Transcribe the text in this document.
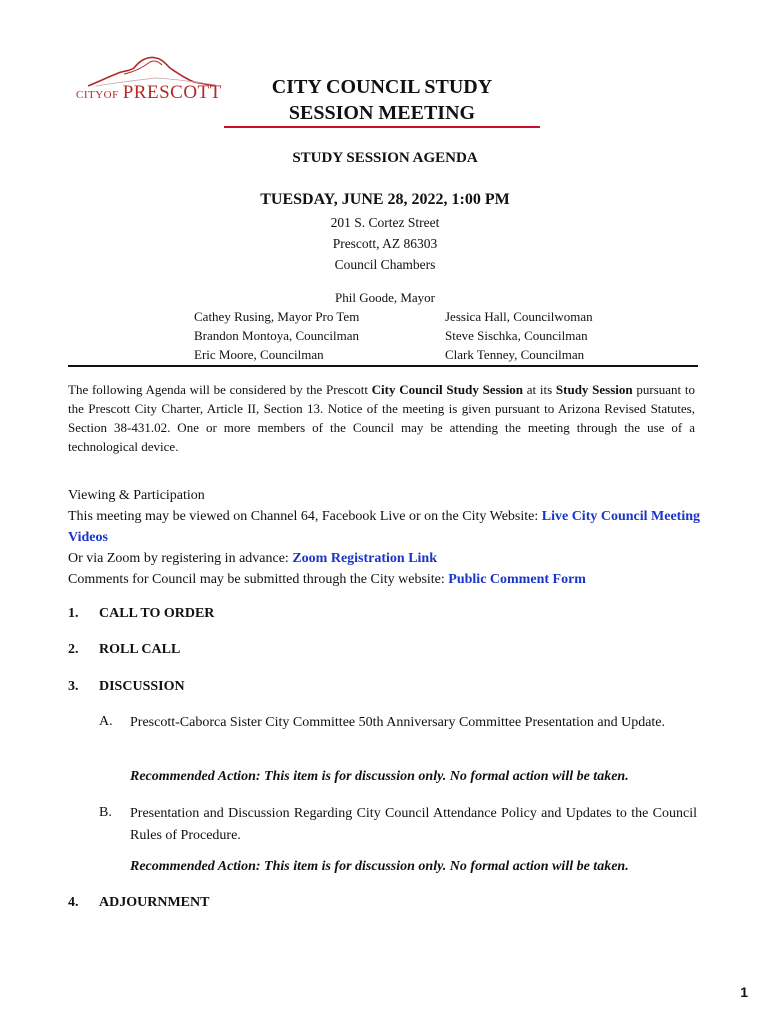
CITYOF PRESCOTT	CITY COUNCIL STUDY
SESSION MEETING
STUDY SESSION AGENDA
TUESDAY, JUNE 28, 2022, 1:00 PM
201 S. Cortez Street
Prescott, AZ 86303
Council Chambers
Phil Goode, Mayor
Cathey Rusing, Mayor Pro Tem
Brandon Montoya, Councilman
Eric Moore, Councilman
Jessica Hall, Councilwoman
Steve Sischka, Councilman
Clark Tenney, Councilman
The following Agenda will be considered by the Prescott City Council Study Session at its Study Session pursuant to the Prescott City Charter, Article II, Section 13. Notice of the meeting is given pursuant to Arizona Revised Statutes, Section 38-431.02. One or more members of the Council may be attending the meeting through the use of a technological device.
Viewing & Participation
This meeting may be viewed on Channel 64, Facebook Live or on the City Website: Live City Council Meeting Videos
Or via Zoom by registering in advance: Zoom Registration Link
Comments for Council may be submitted through the City website: Public Comment Form
1. CALL TO ORDER
2. ROLL CALL
3. DISCUSSION
A. Prescott-Caborca Sister City Committee 50th Anniversary Committee Presentation and Update.
Recommended Action: This item is for discussion only. No formal action will be taken.
B. Presentation and Discussion Regarding City Council Attendance Policy and Updates to the Council Rules of Procedure.
Recommended Action: This item is for discussion only. No formal action will be taken.
4. ADJOURNMENT
1
